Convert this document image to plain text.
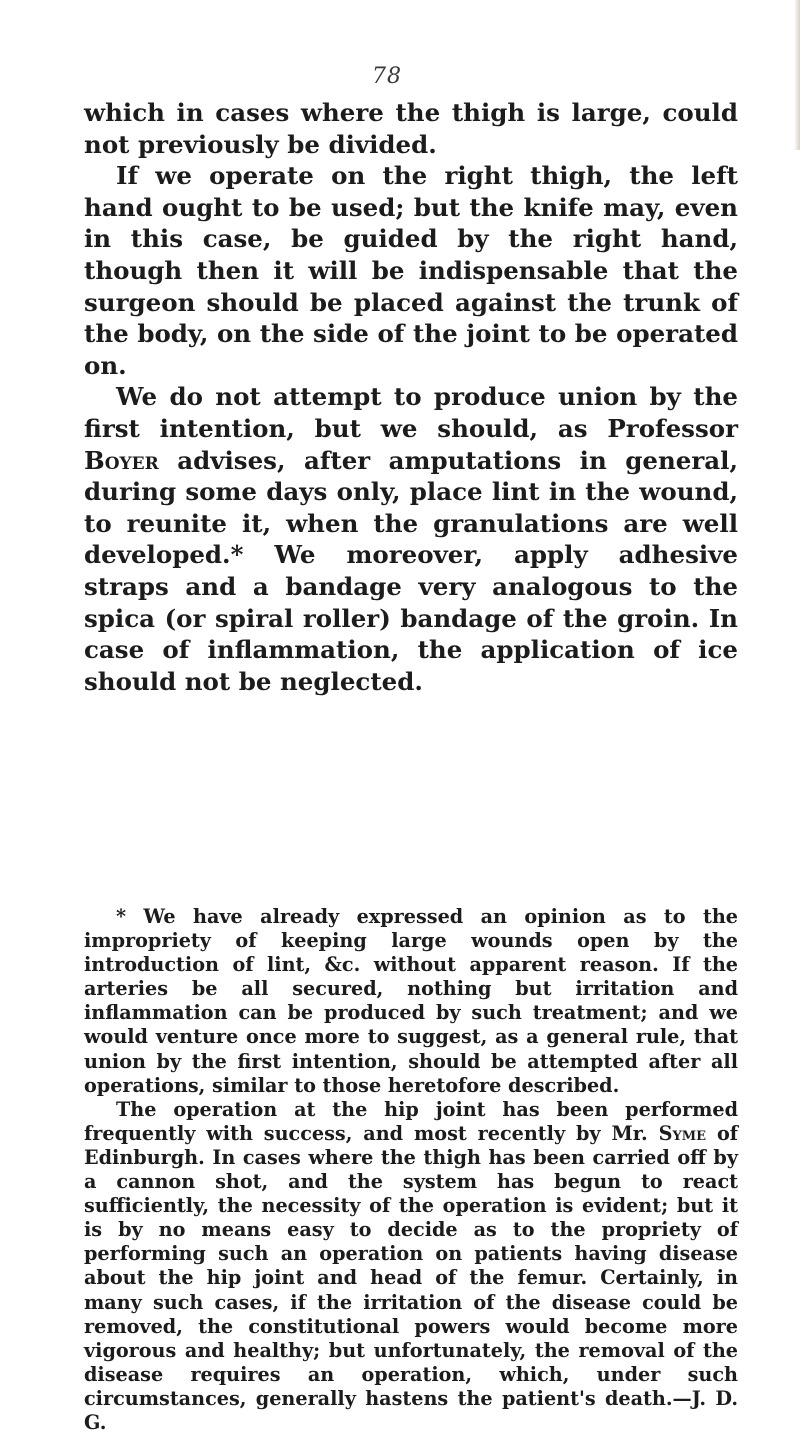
78

which in cases where the thigh is large, could not previously be divided.

If we operate on the right thigh, the left hand ought to be used; but the knife may, even in this case, be guided by the right hand, though then it will be indispensable that the surgeon should be placed against the trunk of the body, on the side of the joint to be operated on.

We do not attempt to produce union by the first intention, but we should, as Professor Boyer advises, after amputations in general, during some days only, place lint in the wound, to reunite it, when the granulations are well developed.* We moreover, apply adhesive straps and a bandage very analogous to the spica (or spiral roller) bandage of the groin. In case of inflammation, the application of ice should not be neglected.

* We have already expressed an opinion as to the impropriety of keeping large wounds open by the introduction of lint, &c. without apparent reason. If the arteries be all secured, nothing but irritation and inflammation can be produced by such treatment; and we would venture once more to suggest, as a general rule, that union by the first intention, should be attempted after all operations, similar to those heretofore described.

The operation at the hip joint has been performed frequently with success, and most recently by Mr. Syme of Edinburgh. In cases where the thigh has been carried off by a cannon shot, and the system has begun to react sufficiently, the necessity of the operation is evident; but it is by no means easy to decide as to the propriety of performing such an operation on patients having disease about the hip joint and head of the femur. Certainly, in many such cases, if the irritation of the disease could be removed, the constitutional powers would become more vigorous and healthy; but unfortunately, the removal of the disease requires an operation, which, under such circumstances, generally hastens the patient's death.—J. D. G.
